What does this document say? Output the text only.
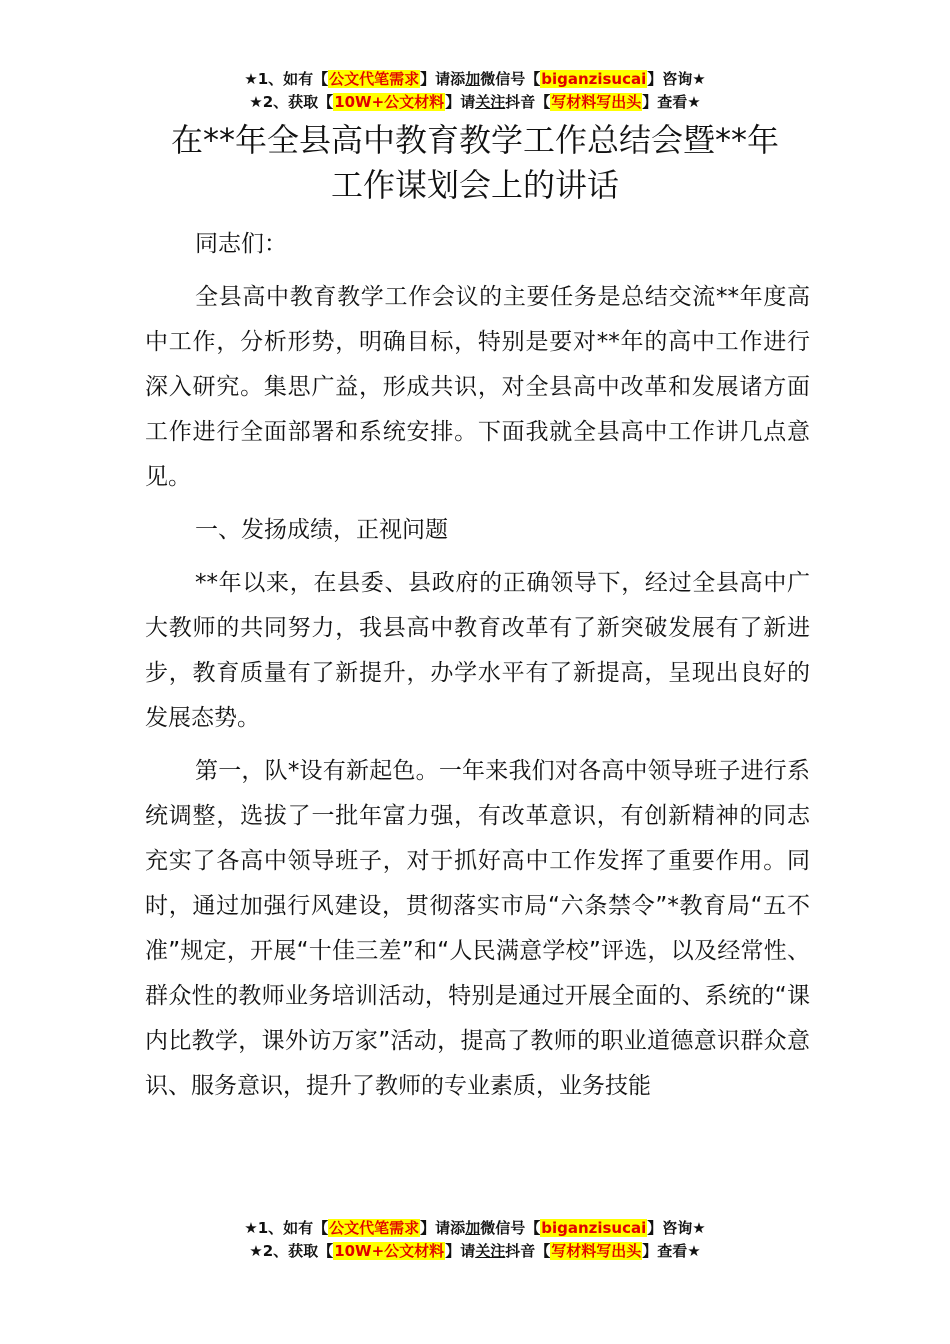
★1、如有【公文代笔需求】请添加微信号【biganzisucai】咨询★
★2、获取【10W+公文材料】请关注抖音【写材料写出头】查看★
在**年全县高中教育教学工作总结会暨**年
工作谋划会上的讲话

同志们：

全县高中教育教学工作会议的主要任务是总结交流**年度高中工作，分析形势，明确目标，特别是要对**年的高中工作进行深入研究。集思广益，形成共识，对全县高中改革和发展诸方面工作进行全面部署和系统安排。下面我就全县高中工作讲几点意见。

一、发扬成绩，正视问题

**年以来，在县委、县政府的正确领导下，经过全县高中广大教师的共同努力，我县高中教育改革有了新突破发展有了新进步，教育质量有了新提升，办学水平有了新提高，呈现出良好的发展态势。

第一，队*设有新起色。一年来我们对各高中领导班子进行系统调整，选拔了一批年富力强，有改革意识，有创新精神的同志充实了各高中领导班子，对于抓好高中工作发挥了重要作用。同时，通过加强行风建设，贯彻落实市局“六条禁令”*教育局“五不准”规定，开展“十佳三差”和“人民满意学校”评选，以及经常性、群众性的教师业务培训活动，特别是通过开展全面的、系统的“课内比教学，课外访万家”活动，提高了教师的职业道德意识群众意识、服务意识，提升了教师的专业素质，业务技能

★1、如有【公文代笔需求】请添加微信号【biganzisucai】咨询★
★2、获取【10W+公文材料】请关注抖音【写材料写出头】查看★
